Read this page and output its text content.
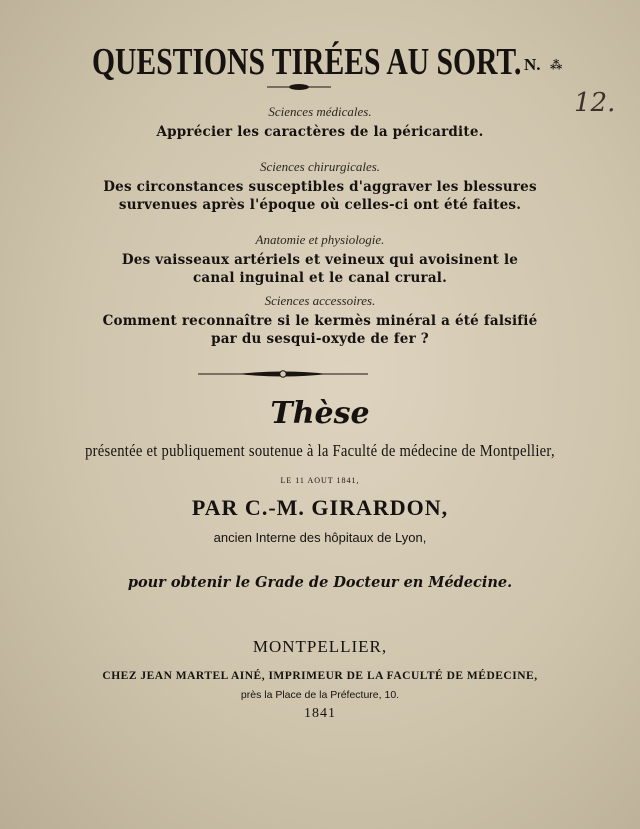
QUESTIONS TIRÉES AU SORT. N. ⁂
12.
Sciences médicales.
Apprécier les caractères de la péricardite.
Sciences chirurgicales.
Des circonstances susceptibles d'aggraver les blessures
survenues après l'époque où celles-ci ont été faites.
Anatomie et physiologie.
Des vaisseaux artériels et veineux qui avoisinent le
canal inguinal et le canal crural.
Sciences accessoires.
Comment reconnaître si le kermès minéral a été falsifié
par du sesqui-oxyde de fer ?
Thèse
présentée et publiquement soutenue à la Faculté de médecine de Montpellier,
LE 11 AOUT 1841,
PAR C.-M. GIRARDON,
ancien Interne des hôpitaux de Lyon,
pour obtenir le Grade de Docteur en Médecine.
MONTPELLIER,
CHEZ JEAN MARTEL AINÉ, IMPRIMEUR DE LA FACULTÉ DE MÉDECINE,
près la Place de la Préfecture, 10.
1841
